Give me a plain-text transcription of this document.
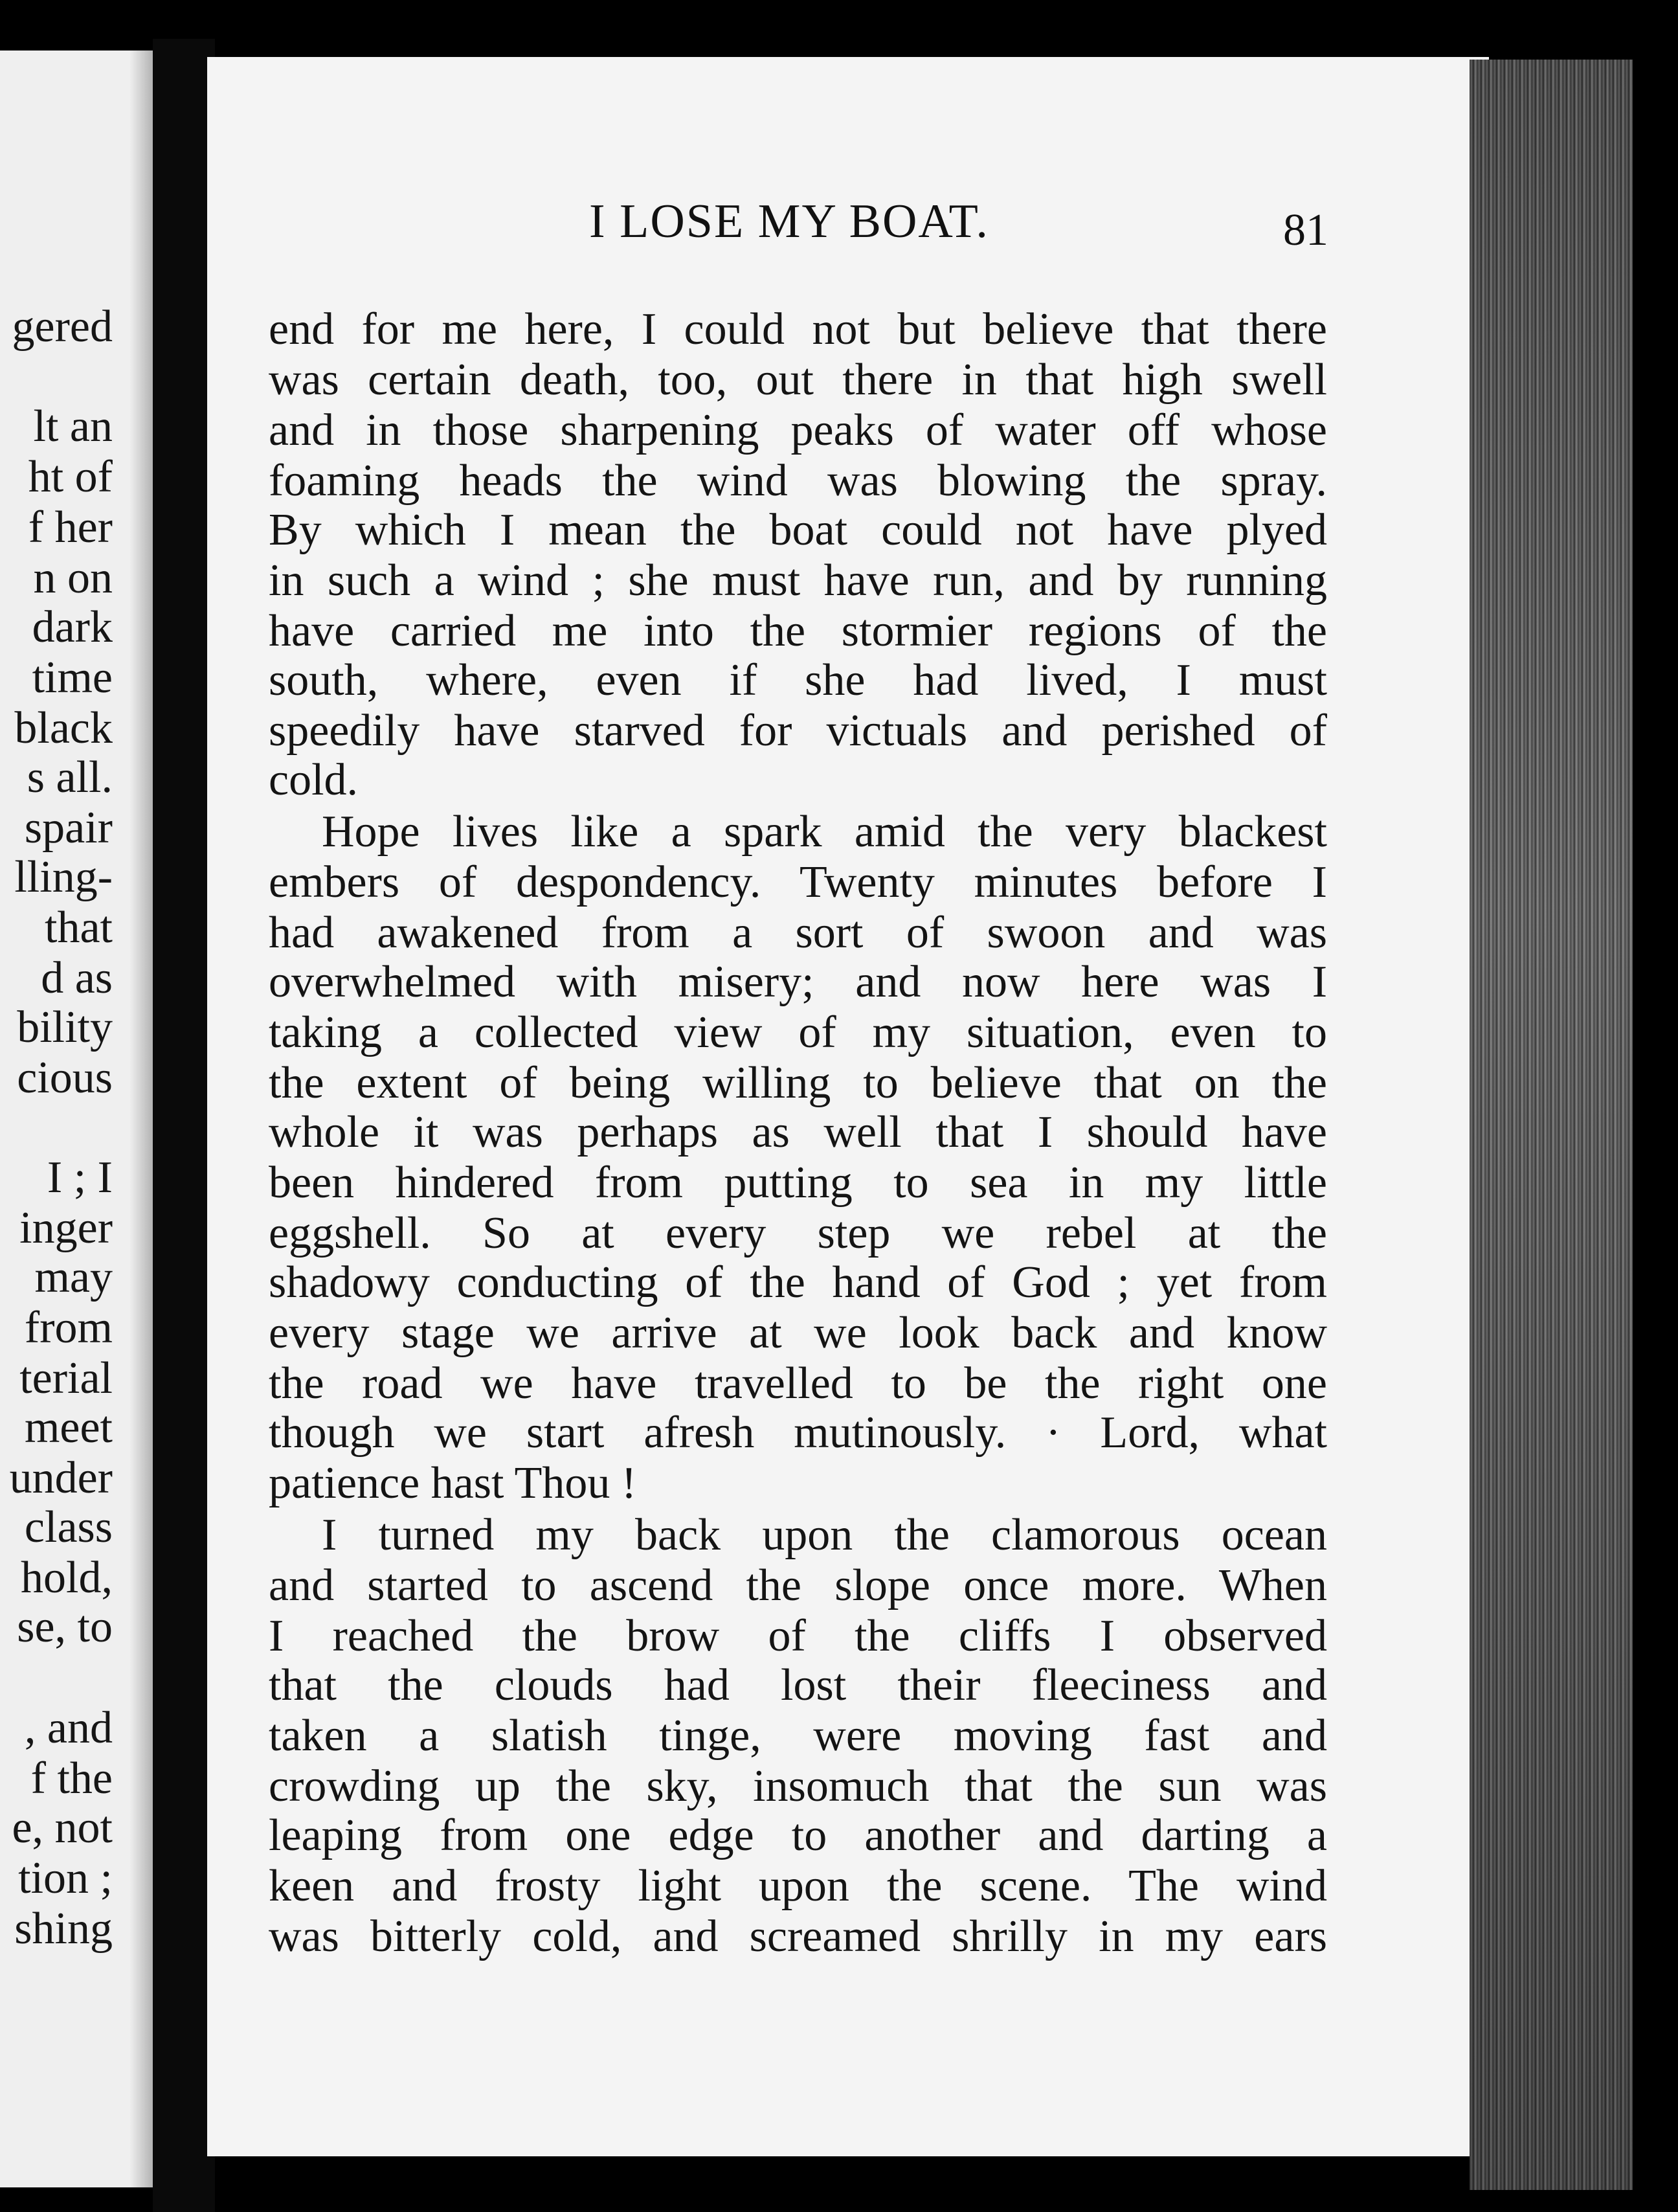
gered
lt an
ht of
f her
n on
dark
time
black
s all.
spair
lling-
that
d as
bility
cious
I ; I
inger
may
from
terial
meet
under
class
hold,
se, to
, and
f the
e, not
tion ;
shing
I LOSE MY BOAT.	81
end for me here, I could not but believe that there
was certain death, too, out there in that high swell
and in those sharpening peaks of water off whose
foaming heads the wind was blowing the spray.
By which I mean the boat could not have plyed
in such a wind ; she must have run, and by running
have carried me into the stormier regions of the
south, where, even if she had lived, I must
speedily have starved for victuals and perished of
cold.
Hope lives like a spark amid the very blackest
embers of despondency. Twenty minutes before I
had awakened from a sort of swoon and was
overwhelmed with misery; and now here was I
taking a collected view of my situation, even to
the extent of being willing to believe that on the
whole it was perhaps as well that I should have
been hindered from putting to sea in my little
eggshell. So at every step we rebel at the
shadowy conducting of the hand of God ; yet from
every stage we arrive at we look back and know
the road we have travelled to be the right one
though we start afresh mutinously. · Lord, what
patience hast Thou !
I turned my back upon the clamorous ocean
and started to ascend the slope once more. When
I reached the brow of the cliffs I observed
that the clouds had lost their fleeciness and
taken a slatish tinge, were moving fast and
crowding up the sky, insomuch that the sun was
leaping from one edge to another and darting a
keen and frosty light upon the scene. The wind
was bitterly cold, and screamed shrilly in my ears
